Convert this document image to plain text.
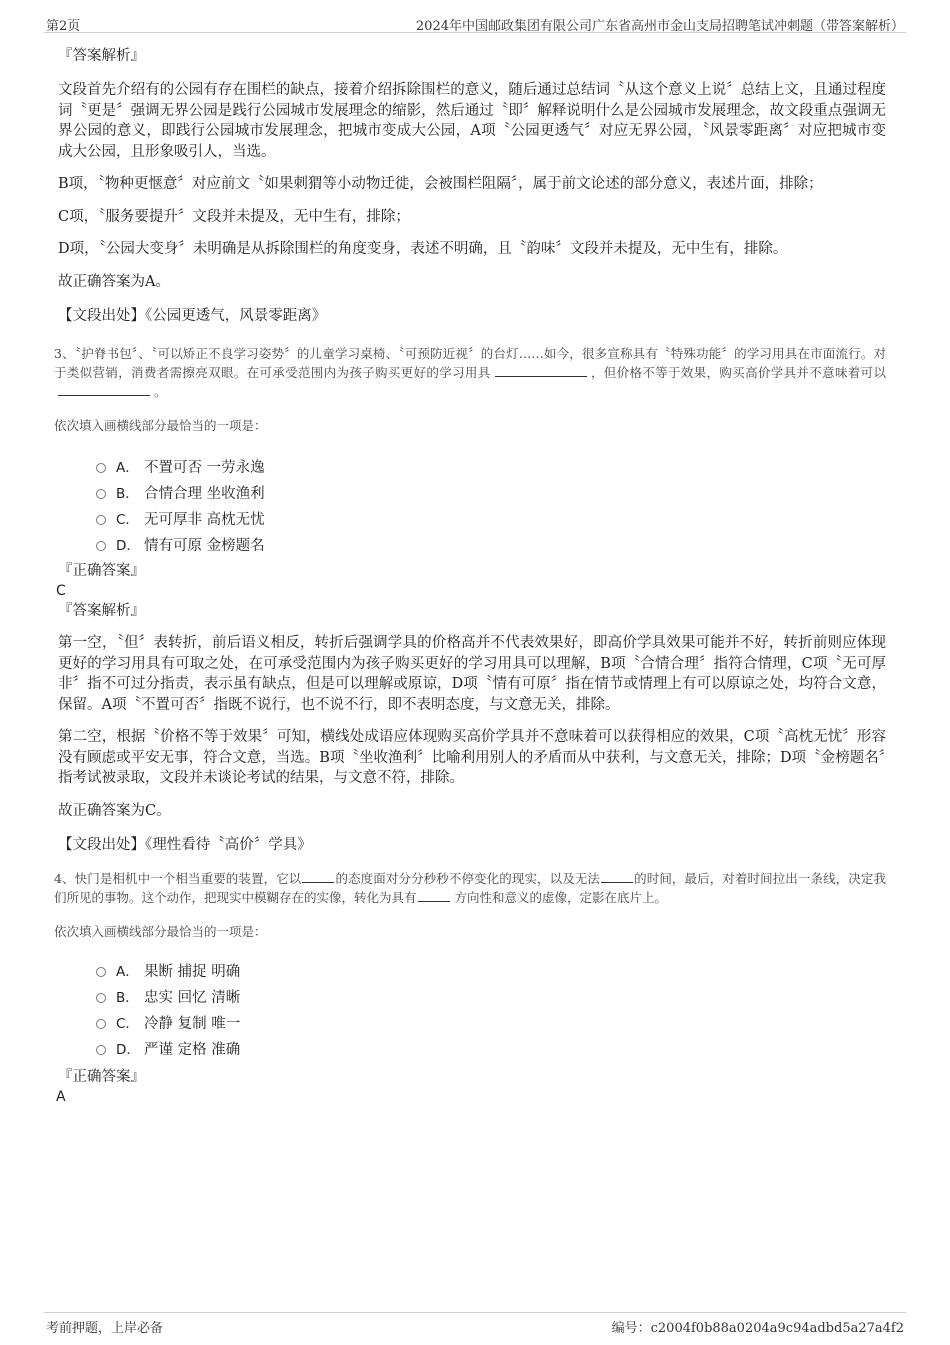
第2页	2024年中国邮政集团有限公司广东省高州市金山支局招聘笔试冲刺题（带答案解析）
『答案解析』

文段首先介绍有的公园有存在围栏的缺点，接着介绍拆除围栏的意义，随后通过总结词〝从这个意义上说〞总结上文，且通过程度词〝更是〞强调无界公园是践行公园城市发展理念的缩影，然后通过〝即〞解释说明什么是公园城市发展理念，故文段重点强调无界公园的意义，即践行公园城市发展理念，把城市变成大公园，A项〝公园更透气〞对应无界公园，〝风景零距离〞对应把城市变成大公园，且形象吸引人，当选。

B项，〝物种更惬意〞对应前文〝如果刺猬等小动物迁徙，会被围栏阻隔〞，属于前文论述的部分意义，表述片面，排除；

C项，〝服务要提升〞文段并未提及，无中生有，排除；

D项，〝公园大变身〞未明确是从拆除围栏的角度变身，表述不明确，且〝韵味〞文段并未提及，无中生有，排除。

故正确答案为A。

【文段出处】《公园更透气，风景零距离》

3、〝护脊书包〞、〝可以矫正不良学习姿势〞的儿童学习桌椅、〝可预防近视〞的台灯……如今，很多宣称具有〝特殊功能〞的学习用具在市面流行。对于类似营销，消费者需擦亮双眼。在可承受范围内为孩子购买更好的学习用具	，但价格不等于效果，购买高价学具并不意味着可以。

依次填入画横线部分最恰当的一项是：
A． 不置可否 一劳永逸
B． 合情合理 坐收渔利
C． 无可厚非 高枕无忧
D． 情有可原 金榜题名
『正确答案』
C
『答案解析』

第一空，〝但〞表转折，前后语义相反，转折后强调学具的价格高并不代表效果好，即高价学具效果可能并不好，转折前则应体现更好的学习用具有可取之处，在可承受范围内为孩子购买更好的学习用具可以理解，B项〝合情合理〞指符合情理，C项〝无可厚非〞指不可过分指责，表示虽有缺点，但是可以理解或原谅，D项〝情有可原〞指在情节或情理上有可以原谅之处，均符合文意，保留。A项〝不置可否〞指既不说行，也不说不行，即不表明态度，与文意无关，排除。

第二空，根据〝价格不等于效果〞可知，横线处成语应体现购买高价学具并不意味着可以获得相应的效果，C项〝高枕无忧〞形容没有顾虑或平安无事，符合文意，当选。B项〝坐收渔利〞比喻利用别人的矛盾而从中获利，与文意无关，排除；D项〝金榜题名〞指考试被录取，文段并未谈论考试的结果，与文意不符，排除。

故正确答案为C。

【文段出处】《理性看待〝高价〞学具》

4、快门是相机中一个相当重要的装置，它以	的态度面对分分秒秒不停变化的现实，以及无法	的时间，最后，对着时间拉出一条线，决定我们所见的事物。这个动作，把现实中模糊存在的实像，转化为具有	方向性和意义的虚像，定影在底片上。

依次填入画横线部分最恰当的一项是：
A． 果断 捕捉 明确
B． 忠实 回忆 清晰
C． 冷静 复制 唯一
D． 严谨 定格 准确
『正确答案』
A
考前押题，上岸必备	编号：c2004f0b88a0204a9c94adbd5a27a4f2
